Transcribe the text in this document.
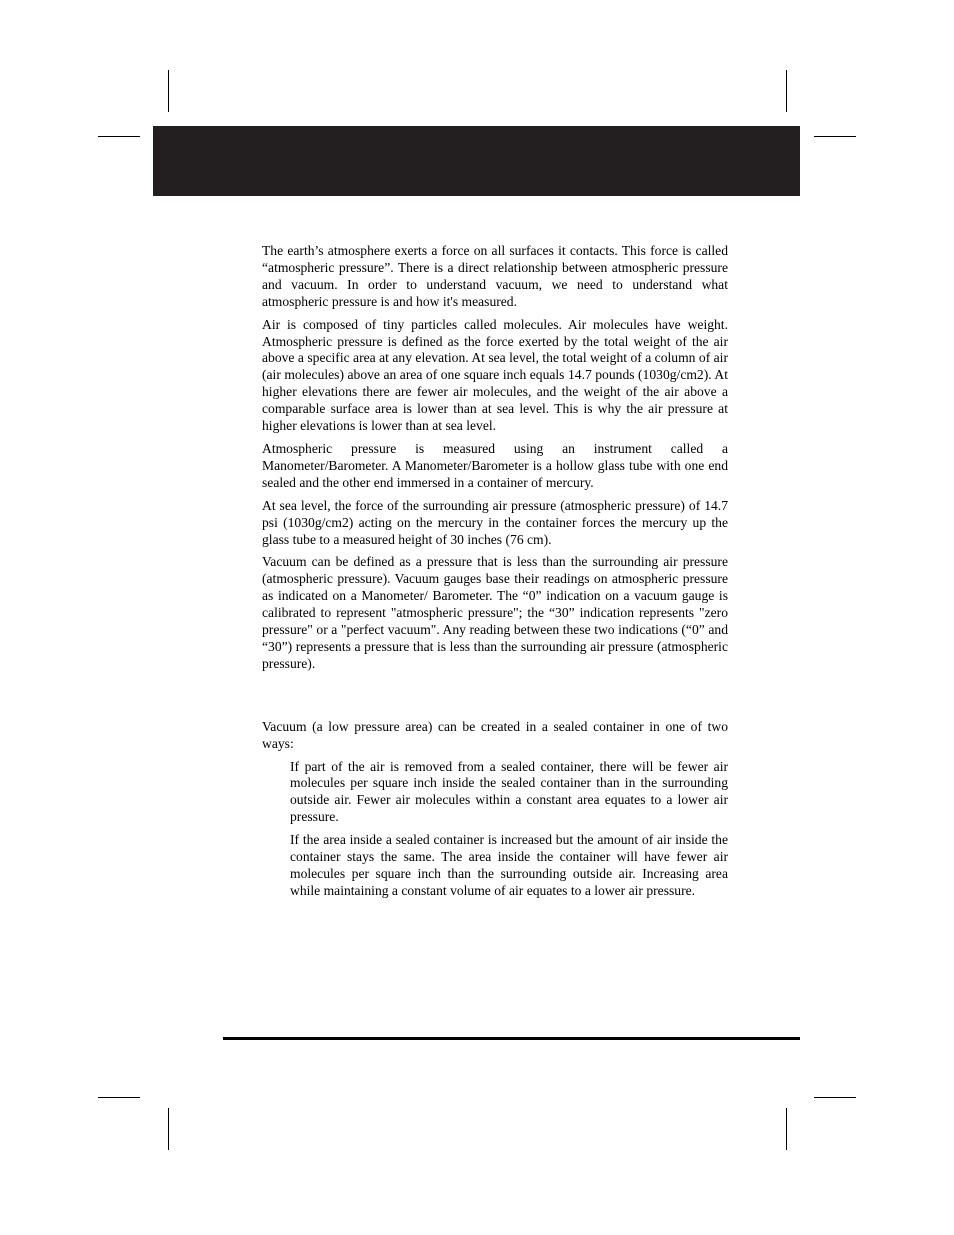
The earth’s atmosphere exerts a force on all surfaces it contacts. This force is called “atmospheric pressure”. There is a direct relationship between atmospheric pressure and vacuum. In order to understand vacuum, we need to understand what atmospheric pressure is and how it's measured.

Air is composed of tiny particles called molecules. Air molecules have weight. Atmospheric pressure is defined as the force exerted by the total weight of the air above a specific area at any elevation. At sea level, the total weight of a column of air (air molecules) above an area of one square inch equals 14.7 pounds (1030g/cm2). At higher elevations there are fewer air molecules, and the weight of the air above a comparable surface area is lower than at sea level. This is why the air pressure at higher elevations is lower than at sea level.

Atmospheric pressure is measured using an instrument called a Manometer/Barometer. A Manometer/Barometer is a hollow glass tube with one end sealed and the other end immersed in a container of mercury.

At sea level, the force of the surrounding air pressure (atmospheric pressure) of 14.7 psi (1030g/cm2) acting on the mercury in the container forces the mercury up the glass tube to a measured height of 30 inches (76 cm).

Vacuum can be defined as a pressure that is less than the surrounding air pressure (atmospheric pressure). Vacuum gauges base their readings on atmospheric pressure as indicated on a Manometer/ Barometer. The “0” indication on a vacuum gauge is calibrated to represent "atmospheric pressure"; the “30” indication represents "zero pressure" or a "perfect vacuum". Any reading between these two indications (“0” and “30”) represents a pressure that is less than the surrounding air pressure (atmospheric pressure).

Vacuum (a low pressure area) can be created in a sealed container in one of two ways:

If part of the air is removed from a sealed container, there will be fewer air molecules per square inch inside the sealed container than in the surrounding outside air. Fewer air molecules within a constant area equates to a lower air pressure.

If the area inside a sealed container is increased but the amount of air inside the container stays the same. The area inside the container will have fewer air molecules per square inch than the surrounding outside air. Increasing area while maintaining a constant volume of air equates to a lower air pressure.
